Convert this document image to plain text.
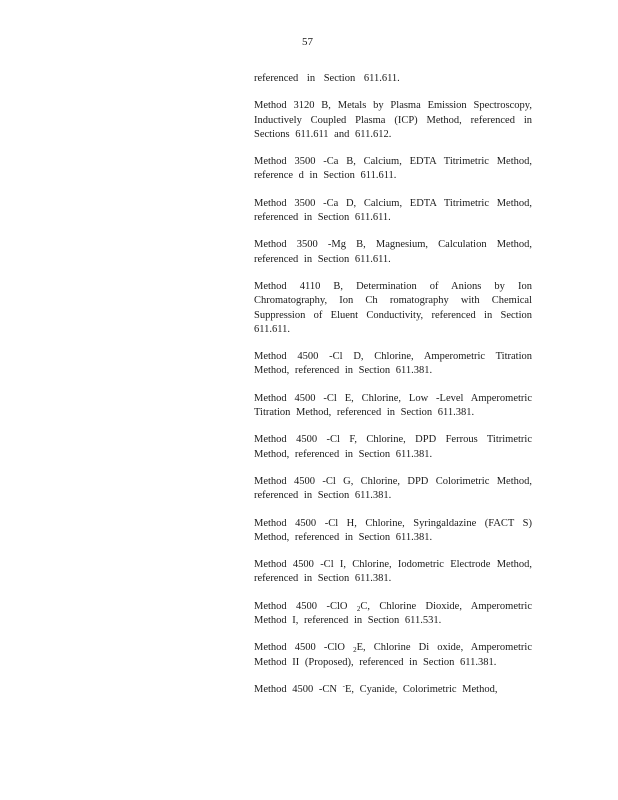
57

referenced in Section 611.611.

Method 3120 B, Metals by Plasma Emission Spectroscopy, Inductively Coupled Plasma (ICP) Method, referenced in Sections 611.611 and 611.612.

Method 3500 -Ca B, Calcium, EDTA Titrimetric Method, reference d in Section 611.611.

Method 3500 -Ca D, Calcium, EDTA Titrimetric Method, referenced in Section 611.611.

Method 3500 -Mg B, Magnesium, Calculation Method, referenced in Section 611.611.

Method 4110 B, Determination of Anions by Ion Chromatography, Ion Ch romatography with Chemical Suppression of Eluent Conductivity, referenced in Section 611.611.

Method 4500 -Cl D, Chlorine, Amperometric Titration Method, referenced in Section 611.381.

Method 4500 -Cl E, Chlorine, Low -Level Amperometric Titration Method, referenced in Section 611.381.

Method 4500 -Cl F, Chlorine, DPD Ferrous Titrimetric Method, referenced in Section 611.381.

Method 4500 -Cl G, Chlorine, DPD Colorimetric Method, referenced in Section 611.381.

Method 4500 -Cl H, Chlorine, Syringaldazine (FACT S) Method, referenced in Section 611.381.

Method 4500 -Cl I, Chlorine, Iodometric Electrode Method, referenced in Section 611.381.

Method 4500 -ClO $_2$C, Chlorine Dioxide, Amperometric Method I, referenced in Section 611.531.

Method 4500 -ClO $_2$E, Chlorine Di oxide, Amperometric Method II (Proposed), referenced in Section 611.381.

Method 4500 -CN -E, Cyanide, Colorimetric Method,
